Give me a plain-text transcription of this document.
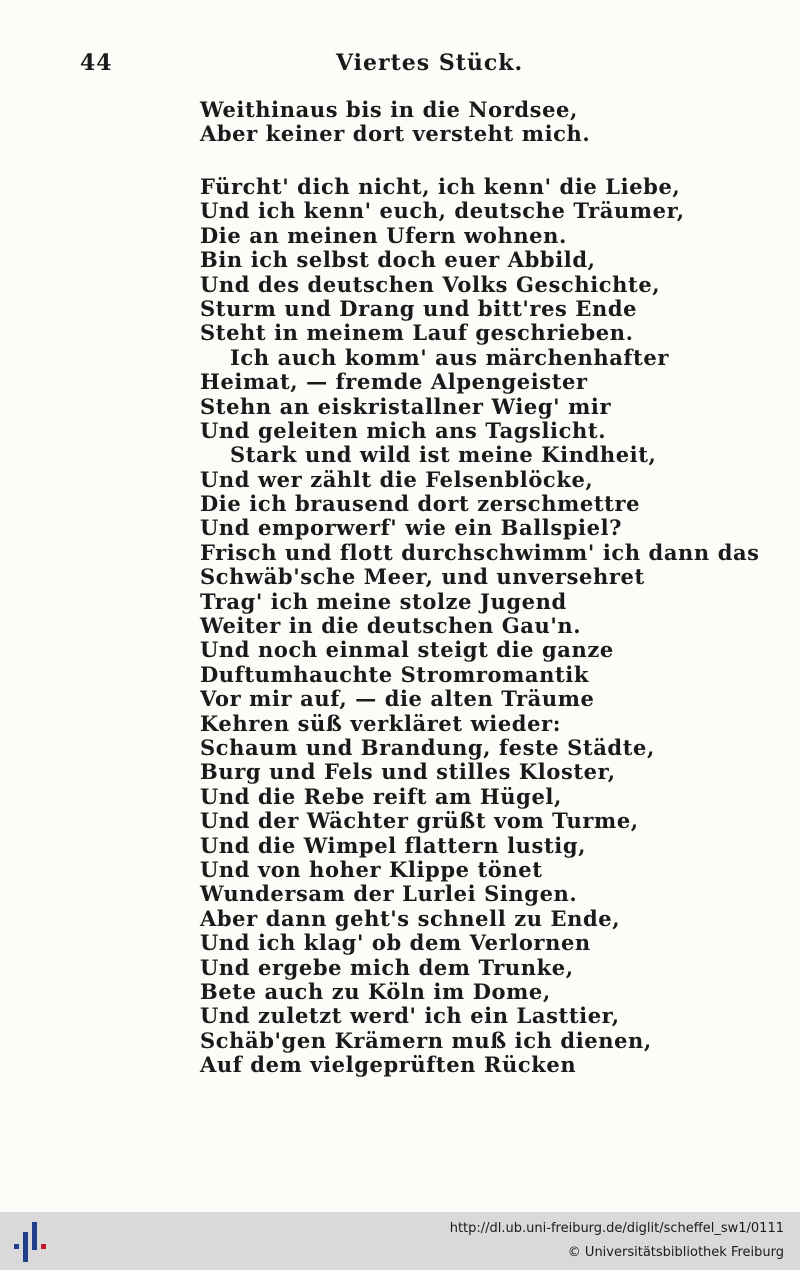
44	Viertes Stück.
Weithinaus bis in die Nordsee,
Aber keiner dort versteht mich.
Fürcht' dich nicht, ich kenn' die Liebe,
Und ich kenn' euch, deutsche Träumer,
Die an meinen Ufern wohnen.
Bin ich selbst doch euer Abbild,
Und des deutschen Volks Geschichte,
Sturm und Drang und bitt'res Ende
Steht in meinem Lauf geschrieben.
Ich auch komm' aus märchenhafter
Heimat, — fremde Alpengeister
Stehn an eiskristallner Wieg' mir
Und geleiten mich ans Tagslicht.
Stark und wild ist meine Kindheit,
Und wer zählt die Felsenblöcke,
Die ich brausend dort zerschmettre
Und emporwerf' wie ein Ballspiel?
Frisch und flott durchschwimm' ich dann das
Schwäb'sche Meer, und unversehret
Trag' ich meine stolze Jugend
Weiter in die deutschen Gau'n.
Und noch einmal steigt die ganze
Duftumhauchte Stromromantik
Vor mir auf, — die alten Träume
Kehren süß verkläret wieder:
Schaum und Brandung, feste Städte,
Burg und Fels und stilles Kloster,
Und die Rebe reift am Hügel,
Und der Wächter grüßt vom Turme,
Und die Wimpel flattern lustig,
Und von hoher Klippe tönet
Wundersam der Lurlei Singen.
Aber dann geht's schnell zu Ende,
Und ich klag' ob dem Verlornen
Und ergebe mich dem Trunke,
Bete auch zu Köln im Dome,
Und zuletzt werd' ich ein Lasttier,
Schäb'gen Krämern muß ich dienen,
Auf dem vielgeprüften Rücken
http://dl.ub.uni-freiburg.de/diglit/scheffel_sw1/0111
© Universitätsbibliothek Freiburg
